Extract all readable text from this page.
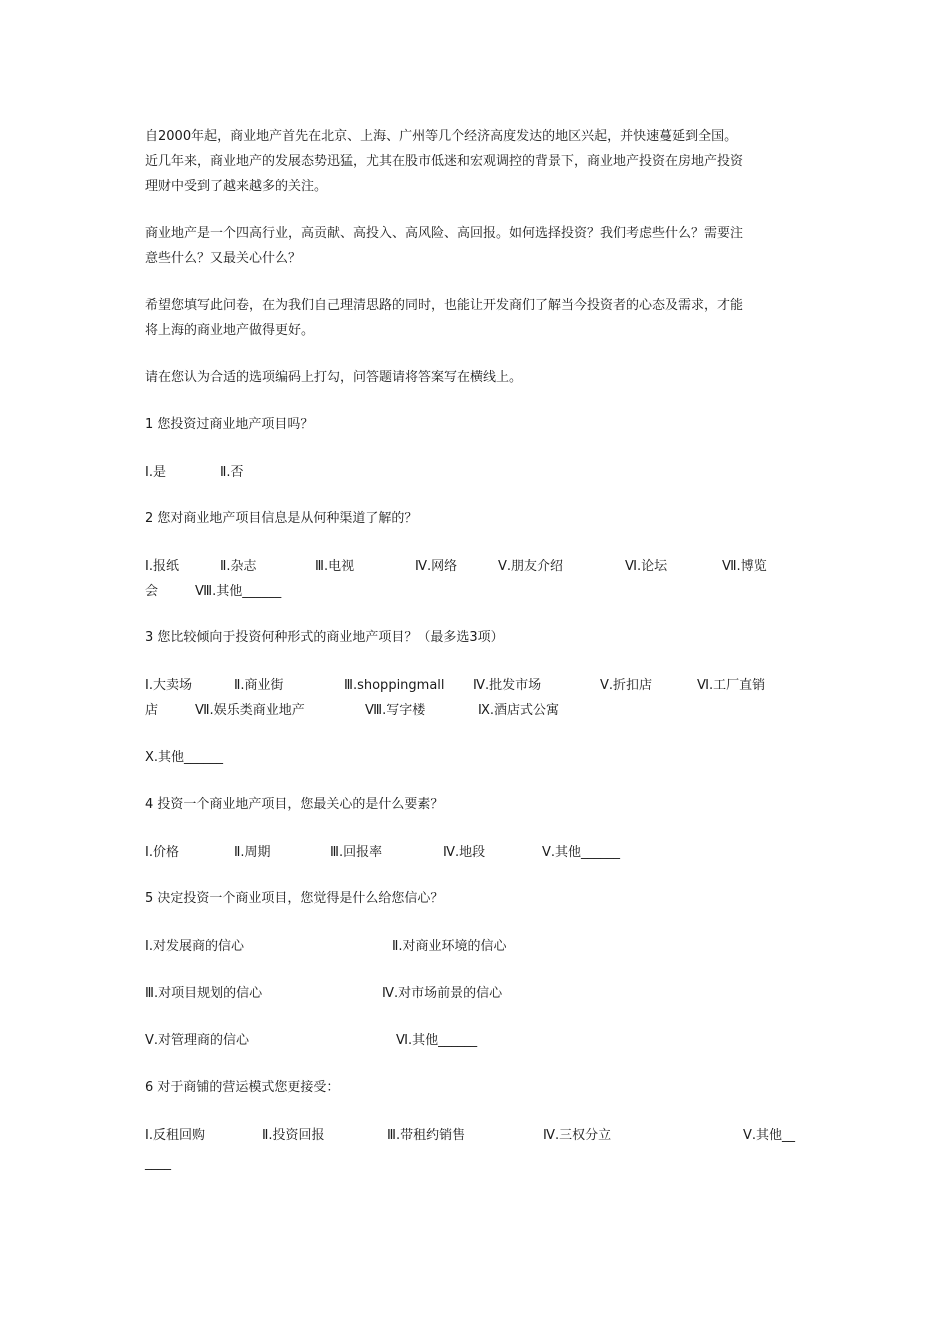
自2000年起，商业地产首先在北京、上海、广州等几个经济高度发达的地区兴起，并快速蔓延到全国。
近几年来，商业地产的发展态势迅猛，尤其在股市低迷和宏观调控的背景下，商业地产投资在房地产投资
理财中受到了越来越多的关注。
商业地产是一个四高行业，高贡献、高投入、高风险、高回报。如何选择投资？我们考虑些什么？需要注
意些什么？又最关心什么？
希望您填写此问卷，在为我们自己理清思路的同时，也能让开发商们了解当今投资者的心态及需求，才能
将上海的商业地产做得更好。
请在您认为合适的选项编码上打勾，问答题请将答案写在横线上。
1 您投资过商业地产项目吗？
Ⅰ.是	Ⅱ.否
2 您对商业地产项目信息是从何种渠道了解的？
Ⅰ.报纸	Ⅱ.杂志	Ⅲ.电视	Ⅳ.网络	Ⅴ.朋友介绍	Ⅵ.论坛	Ⅶ.博览
会	Ⅷ.其他______
3 您比较倾向于投资何种形式的商业地产项目？（最多选3项）
Ⅰ.大卖场	Ⅱ.商业街	Ⅲ.shoppingmall Ⅳ.批发市场	Ⅴ.折扣店	Ⅵ.工厂直销
店	Ⅶ.娱乐类商业地产	Ⅷ.写字楼	Ⅸ.酒店式公寓
Ⅹ.其他______
4 投资一个商业地产项目，您最关心的是什么要素？
Ⅰ.价格	Ⅱ.周期	Ⅲ.回报率	Ⅳ.地段	Ⅴ.其他______
5 决定投资一个商业项目，您觉得是什么给您信心？
Ⅰ.对发展商的信心	Ⅱ.对商业环境的信心
Ⅲ.对项目规划的信心	Ⅳ.对市场前景的信心
Ⅴ.对管理商的信心	Ⅵ.其他______
6 对于商铺的营运模式您更接受：
Ⅰ.反租回购	Ⅱ.投资回报	Ⅲ.带租约销售	Ⅳ.三权分立	Ⅴ.其他__
____
